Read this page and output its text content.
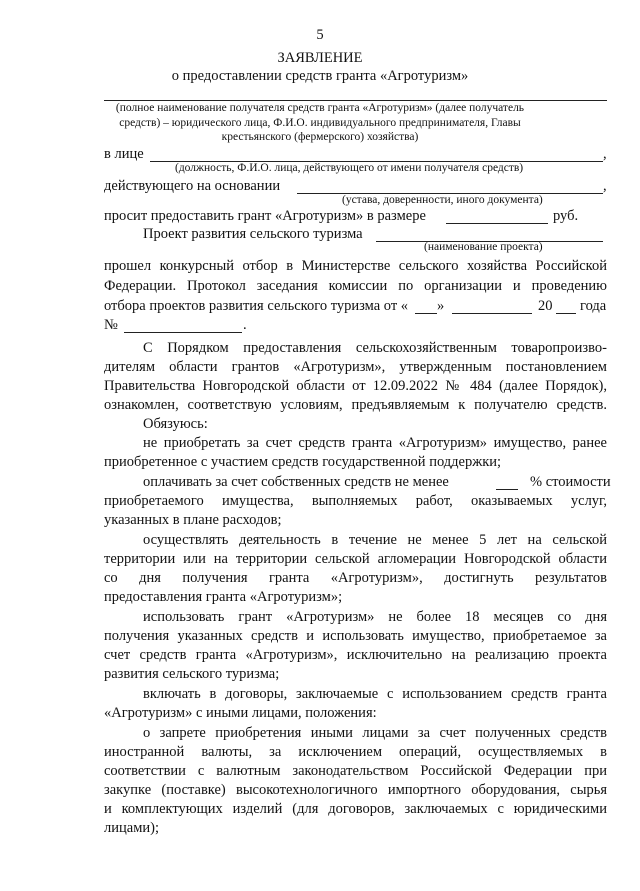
5
ЗАЯВЛЕНИЕ
о предоставлении средств гранта «Агротуризм»
(полное наименование получателя средств гранта «Агротуризм» (далее получатель
средств) – юридического лица, Ф.И.О. индивидуального предпринимателя, Главы
крестьянского (фермерского) хозяйства)
в лице	,
(должность, Ф.И.О. лица, действующего от имени получателя средств)
действующего на основании	,
(устава, доверенности, иного документа)
просит предоставить грант «Агротуризм» в размере	руб.
Проект развития сельского туризма
(наименование проекта)
прошел конкурсный отбор в Министерстве сельского хозяйства Российской
Федерации. Протокол заседания комиссии по организации и проведению
отбора проектов развития сельского туризма от « »	20 года
№	.
С Порядком предоставления сельскохозяйственным товаропроизво-
дителям области грантов «Агротуризм», утвержденным постановлением
Правительства Новгородской области от 12.09.2022 № 484 (далее Порядок),
ознакомлен, соответствую условиям, предъявляемым к получателю средств.
Обязуюсь:
не приобретать за счет средств гранта «Агротуризм» имущество, ранее
приобретенное с участием средств государственной поддержки;
оплачивать за счет собственных средств не менее	% стоимости
приобретаемого имущества, выполняемых работ, оказываемых услуг,
указанных в плане расходов;
осуществлять деятельность в течение не менее 5 лет на сельской
территории или на территории сельской агломерации Новгородской области
со дня получения гранта «Агротуризм», достигнуть результатов
предоставления гранта «Агротуризм»;
использовать грант «Агротуризм» не более 18 месяцев со дня
получения указанных средств и использовать имущество, приобретаемое за
счет средств гранта «Агротуризм», исключительно на реализацию проекта
развития сельского туризма;
включать в договоры, заключаемые с использованием средств гранта
«Агротуризм» с иными лицами, положения:
о запрете приобретения иными лицами за счет полученных средств
иностранной валюты, за исключением операций, осуществляемых в
соответствии с валютным законодательством Российской Федерации при
закупке (поставке) высокотехнологичного импортного оборудования, сырья
и комплектующих изделий (для договоров, заключаемых с юридическими
лицами);
